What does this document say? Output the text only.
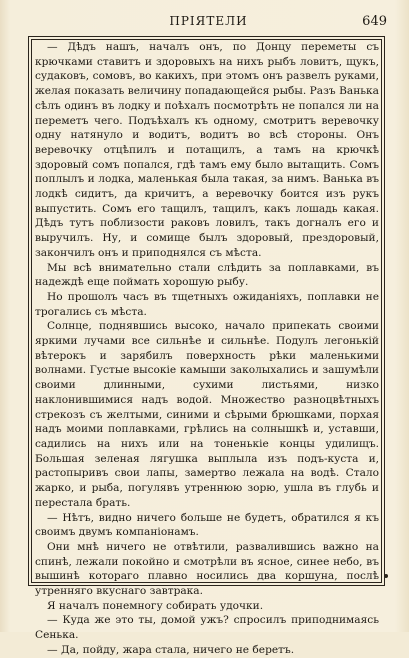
ПРIЯТЕЛИ	649

— Дѣдъ нашъ, началъ онъ, по Донцу переметы съ крючками ставитъ и здоровыхъ на нихъ рыбъ ловитъ, щукъ, судаковъ, сомовъ, во какихъ, при этомъ онъ развелъ руками, желая показать величину попадающейся рыбы. Разъ Ванька сѣлъ одинъ въ лодку и поѣхалъ посмотрѣть не попался ли на переметъ чего. Подъѣхалъ къ одному, смотритъ веревочку одну натянуло и водитъ, водитъ во всѣ стороны. Онъ веревочку отцѣпилъ и потащилъ, а тамъ на крючкѣ здоровый сомъ попался, гдѣ тамъ ему было вытащить. Сомъ поплылъ и лодка, маленькая была такая, за нимъ. Ванька въ лодкѣ сидитъ, да кричитъ, а веревочку боится изъ рукъ выпустить. Сомъ его тащилъ, тащилъ, какъ лошадь какая. Дѣдъ тутъ поблизости раковъ ловилъ, такъ догналъ его и выручилъ. Ну, и сомище былъ здоровый, прездоровый, закончилъ онъ и приподнялся съ мѣста.

Мы всѣ внимательно стали слѣдить за поплавками, въ надеждѣ еще поймать хорошую рыбу.

Но прошолъ часъ въ тщетныхъ ожиданiяхъ, поплавки не трогались съ мѣста.

Солнце, поднявшись высоко, начало припекать своими яркими лучами все сильнѣе и сильнѣе. Подулъ легонькiй вѣтерокъ и зарябилъ поверхность рѣки маленькими волнами. Густые высокiе камыши заколыхались и зашумѣли своими длинными, сухими листьями, низко наклонившимися надъ водой. Множество разноцвѣтныхъ стрекозъ съ желтыми, синими и сѣрыми брюшками, порхая надъ моими поплавками, грѣлись на солнышкѣ и, уставши, садились на нихъ или на тоненькiе концы удилищъ. Большая зеленая лягушка выплыла изъ подъ-куста и, растопыривъ свои лапы, замертво лежала на водѣ. Стало жарко, и рыба, погулявъ утреннюю зорю, ушла въ глубь и перестала брать.

— Нѣтъ, видно ничего больше не будетъ, обратился я къ своимъ двумъ компанiонамъ.

Они мнѣ ничего не отвѣтили, развалившись важно на спинѣ, лежали покойно и смотрѣли въ ясное, синее небо, въ вышинѣ котораго плавно носились два коршуна, послѣ утренняго вкуснаго завтрака.

Я началъ понемногу собирать удочки.

— Куда же это ты, домой ужъ? спросилъ приподнимаясь Сенька.

— Да, пойду, жара стала, ничего не беретъ.
